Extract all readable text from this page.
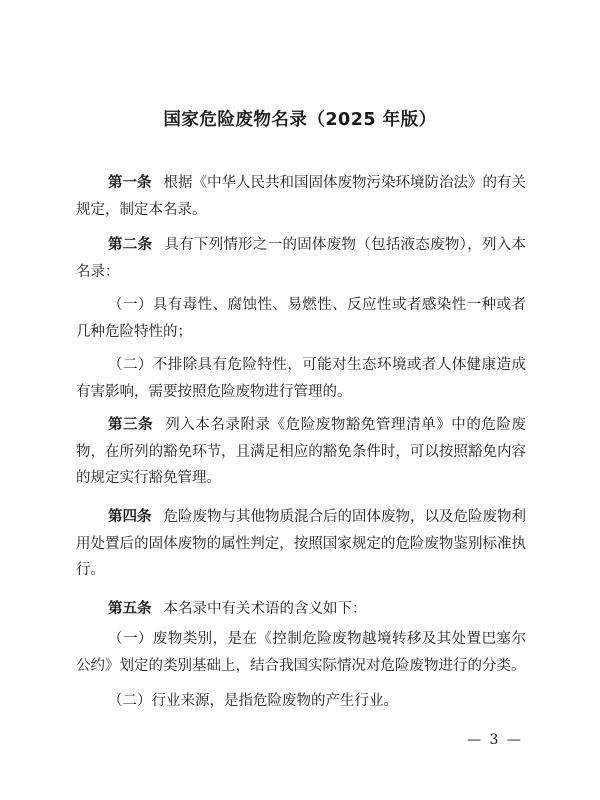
国家危险废物名录（2025 年版）
第一条 根据《中华人民共和国固体废物污染环境防治法》的有关规定，制定本名录。
第二条 具有下列情形之一的固体废物（包括液态废物），列入本名录：
（一）具有毒性、腐蚀性、易燃性、反应性或者感染性一种或者几种危险特性的；
（二）不排除具有危险特性，可能对生态环境或者人体健康造成有害影响，需要按照危险废物进行管理的。
第三条 列入本名录附录《危险废物豁免管理清单》中的危险废物，在所列的豁免环节，且满足相应的豁免条件时，可以按照豁免内容的规定实行豁免管理。
第四条 危险废物与其他物质混合后的固体废物，以及危险废物利用处置后的固体废物的属性判定，按照国家规定的危险废物鉴别标准执行。
第五条 本名录中有关术语的含义如下：
（一）废物类别，是在《控制危险废物越境转移及其处置巴塞尔公约》划定的类别基础上，结合我国实际情况对危险废物进行的分类。
（二）行业来源，是指危险废物的产生行业。
— 3 —
